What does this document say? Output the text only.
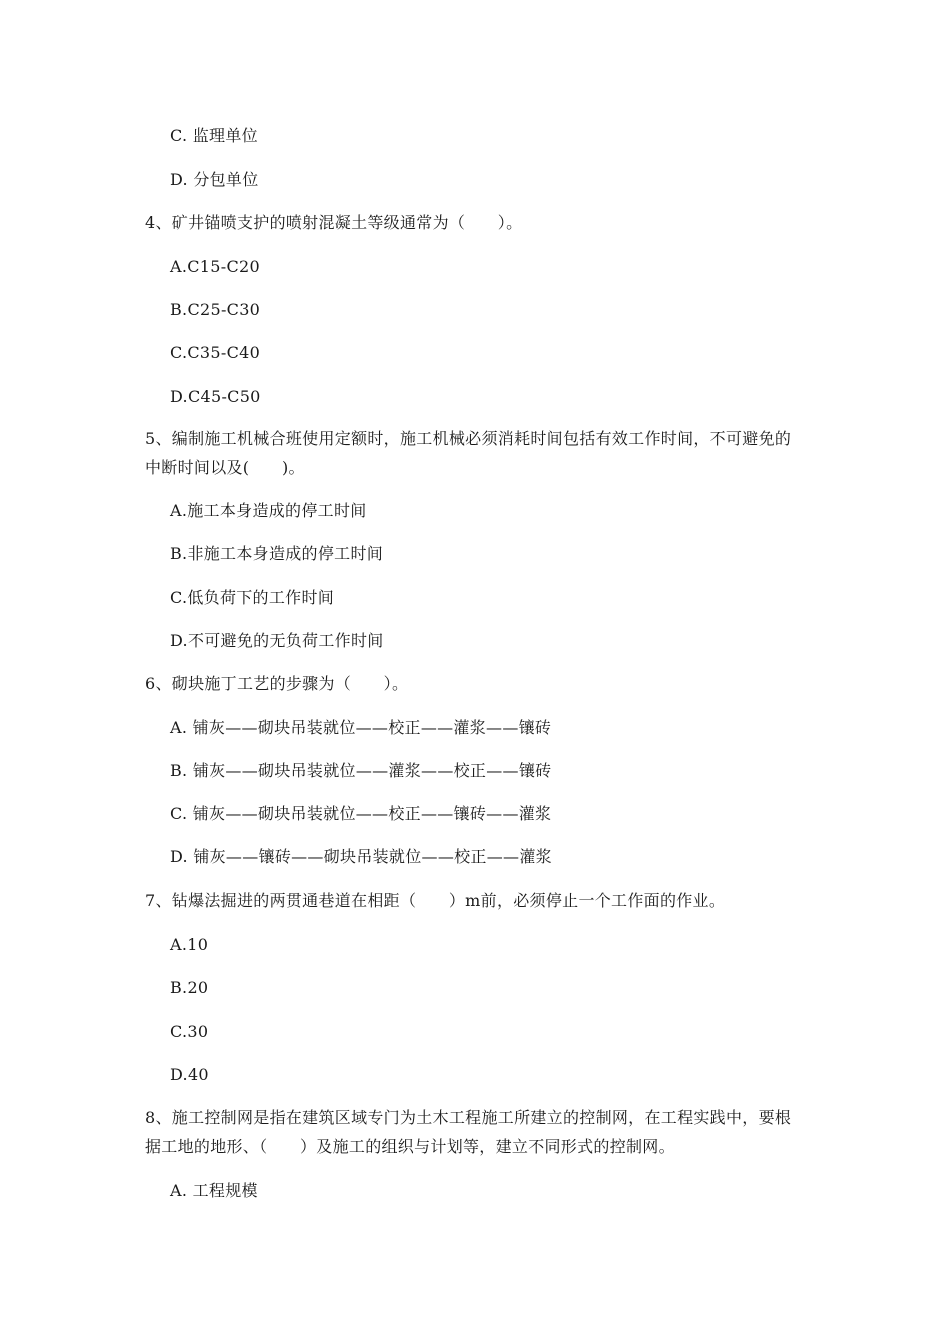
C. 监理单位
D. 分包单位
4、矿井锚喷支护的喷射混凝土等级通常为（　　）。
A.C15-C20
B.C25-C30
C.C35-C40
D.C45-C50
5、编制施工机械合班使用定额时，施工机械必须消耗时间包括有效工作时间，不可避免的
中断时间以及(　　)。
A.施工本身造成的停工时间
B.非施工本身造成的停工时间
C.低负荷下的工作时间
D.不可避免的无负荷工作时间
6、砌块施丁工艺的步骤为（　　）。
A. 铺灰——砌块吊装就位——校正——灌浆——镶砖
B. 铺灰——砌块吊装就位——灌浆——校正——镶砖
C. 铺灰——砌块吊装就位——校正——镶砖——灌浆
D. 铺灰——镶砖——砌块吊装就位——校正——灌浆
7、钻爆法掘进的两贯通巷道在相距（　　）m前，必须停止一个工作面的作业。
A.10
B.20
C.30
D.40
8、施工控制网是指在建筑区域专门为土木工程施工所建立的控制网，在工程实践中，要根
据工地的地形、（　　）及施工的组织与计划等，建立不同形式的控制网。
A. 工程规模
